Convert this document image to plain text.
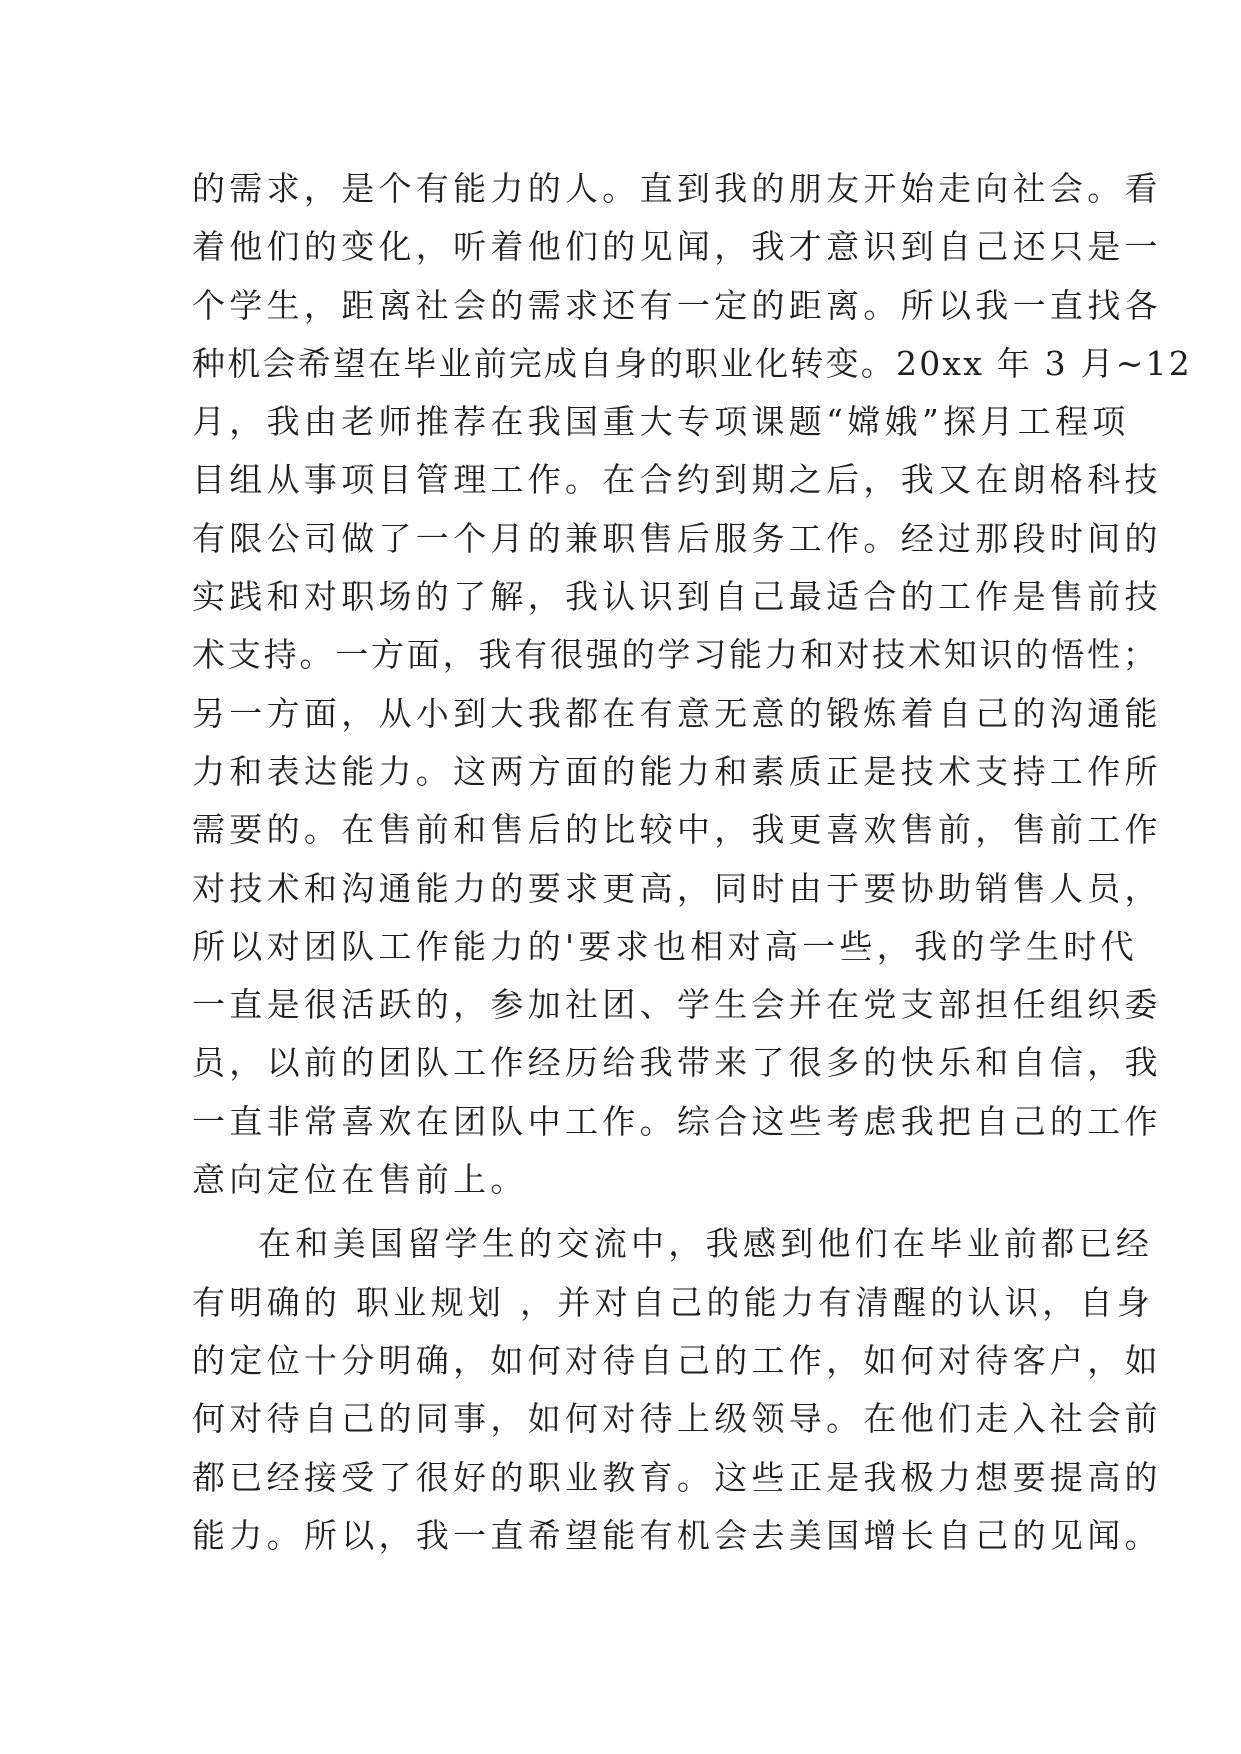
的需求，是个有能力的人。直到我的朋友开始走向社会。看
着他们的变化，听着他们的见闻，我才意识到自己还只是一
个学生，距离社会的需求还有一定的距离。所以我一直找各
种机会希望在毕业前完成自身的职业化转变。20xx 年 3 月~12
月，我由老师推荐在我国重大专项课题“嫦娥”探月工程项
目组从事项目管理工作。在合约到期之后，我又在朗格科技
有限公司做了一个月的兼职售后服务工作。经过那段时间的
实践和对职场的了解，我认识到自己最适合的工作是售前技
术支持。一方面，我有很强的学习能力和对技术知识的悟性；
另一方面，从小到大我都在有意无意的锻炼着自己的沟通能
力和表达能力。这两方面的能力和素质正是技术支持工作所
需要的。在售前和售后的比较中，我更喜欢售前，售前工作
对技术和沟通能力的要求更高，同时由于要协助销售人员，
所以对团队工作能力的'要求也相对高一些，我的学生时代
一直是很活跃的，参加社团、学生会并在党支部担任组织委
员，以前的团队工作经历给我带来了很多的快乐和自信，我
一直非常喜欢在团队中工作。综合这些考虑我把自己的工作
意向定位在售前上。
在和美国留学生的交流中，我感到他们在毕业前都已经
有明确的 职业规划 ，并对自己的能力有清醒的认识，自身
的定位十分明确，如何对待自己的工作，如何对待客户，如
何对待自己的同事，如何对待上级领导。在他们走入社会前
都已经接受了很好的职业教育。这些正是我极力想要提高的
能力。所以，我一直希望能有机会去美国增长自己的见闻。
